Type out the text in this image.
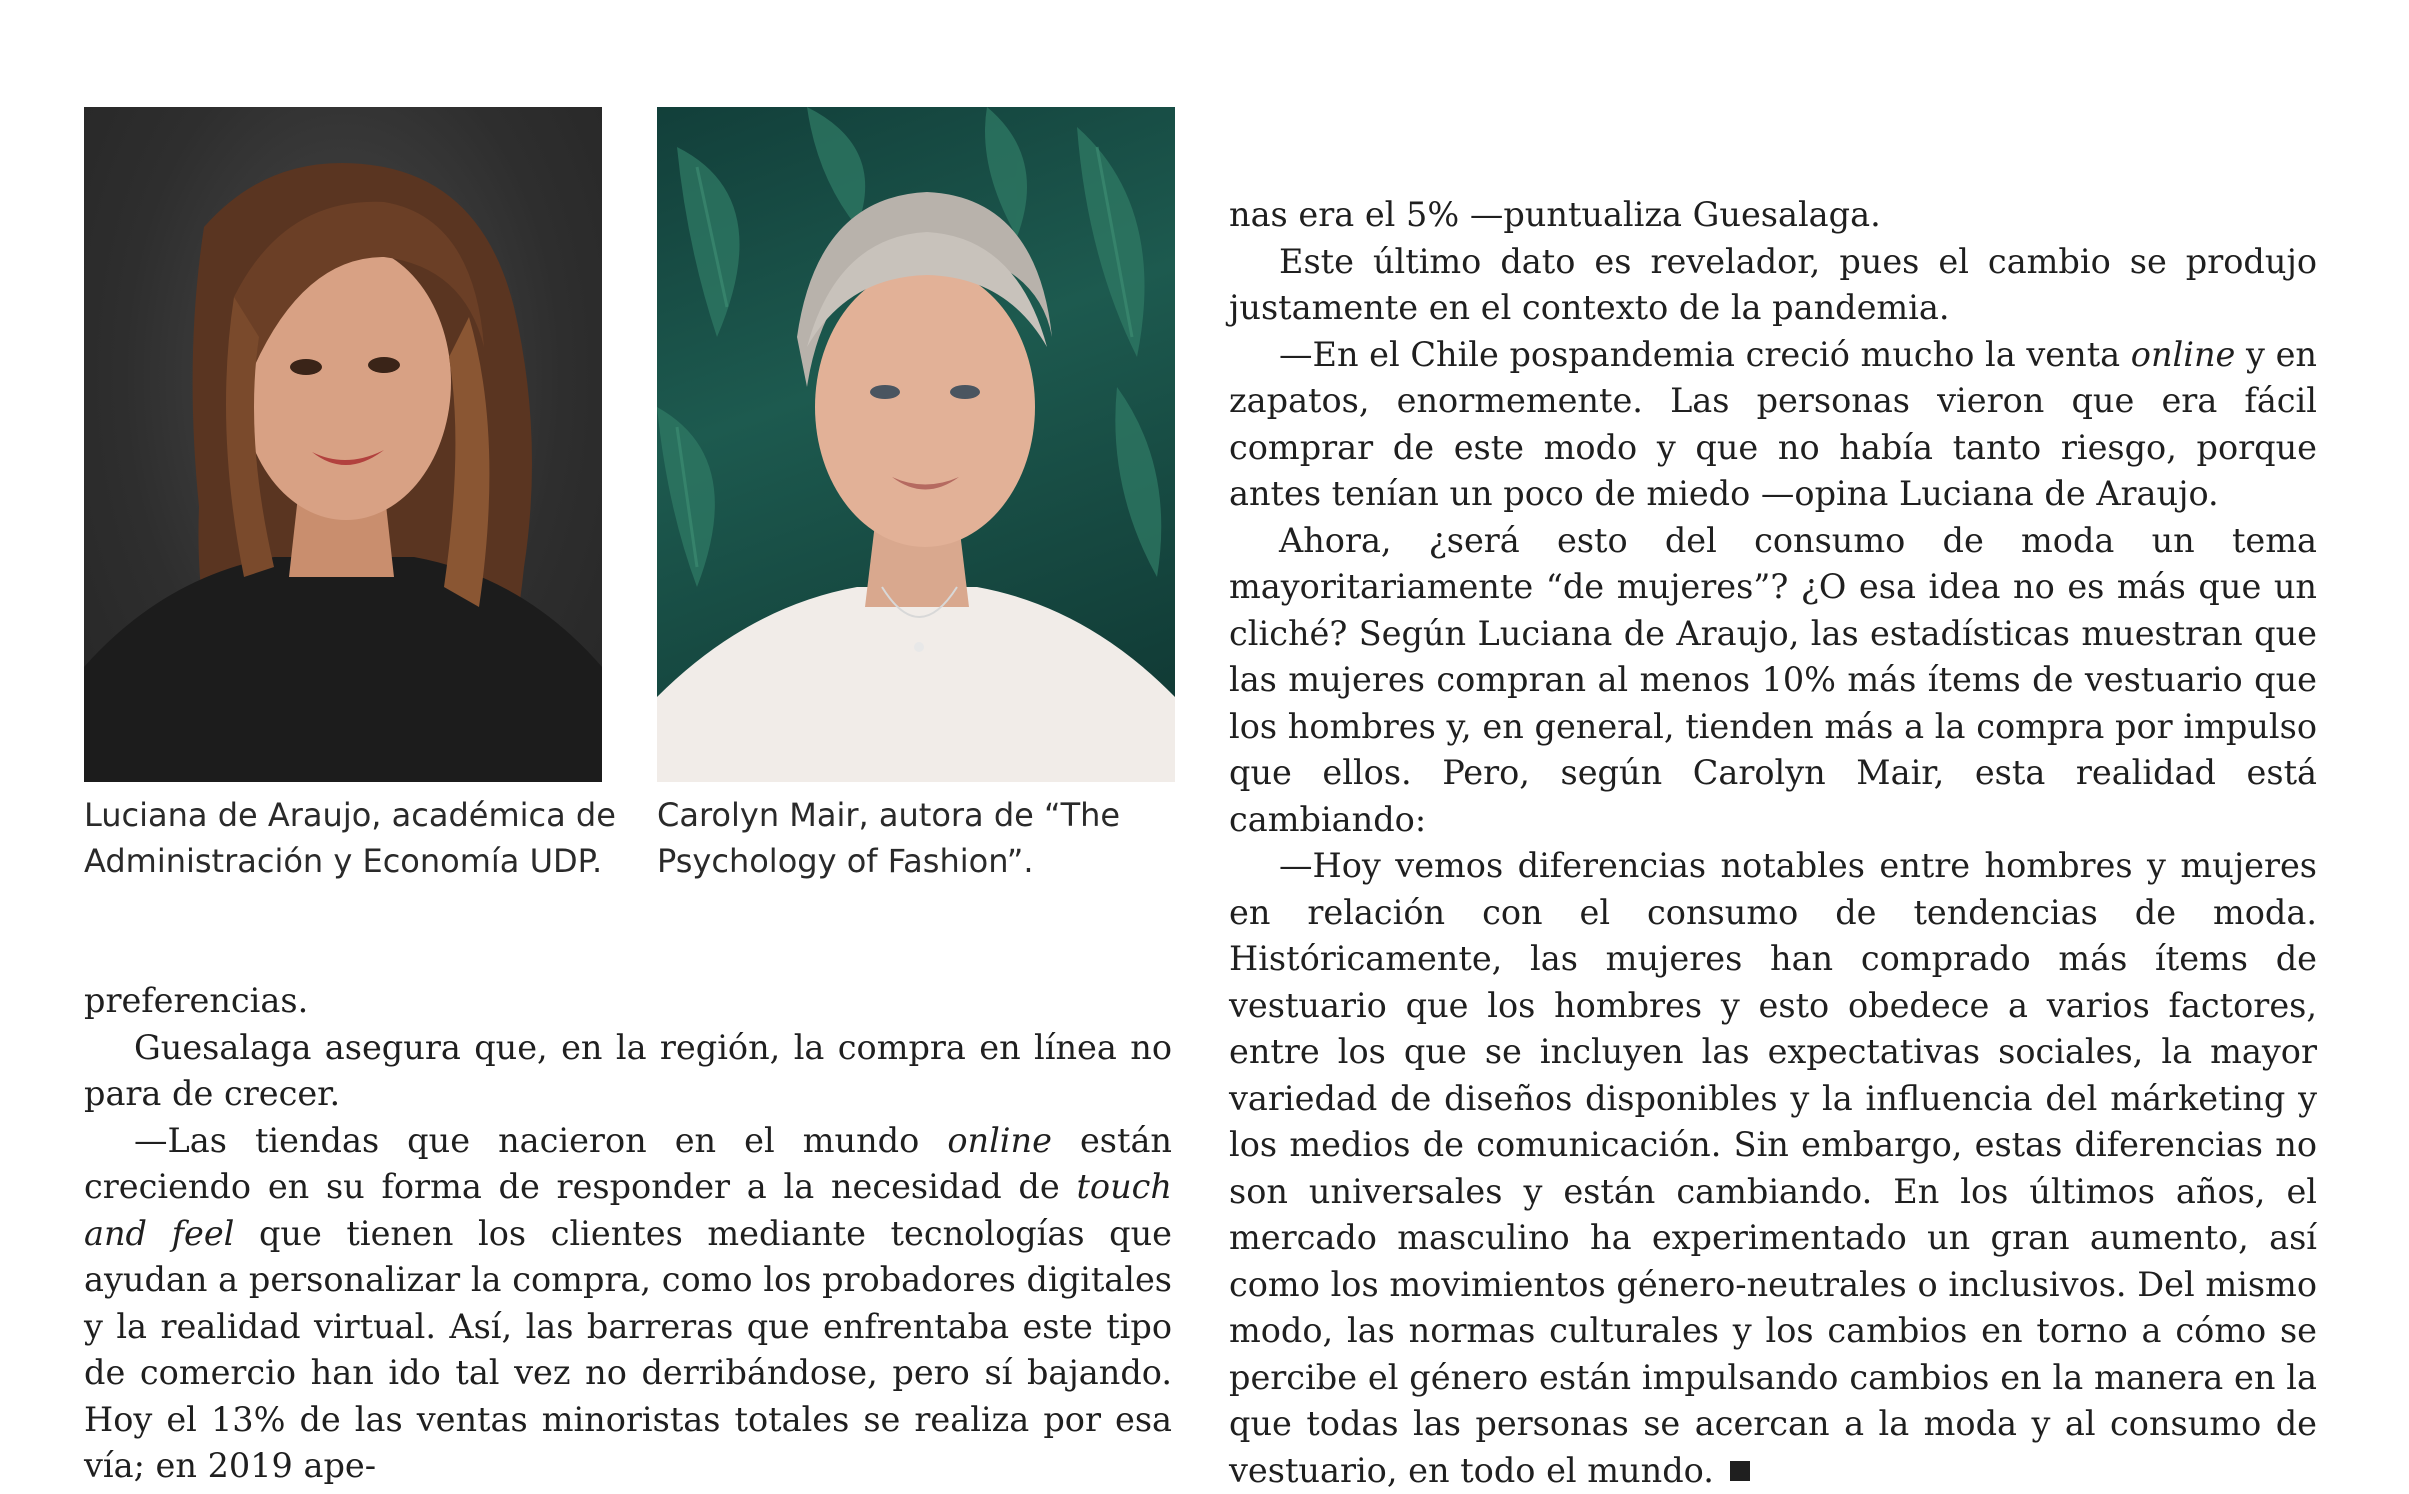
Luciana de Araujo, académica de Administración y Economía UDP.

Carolyn Mair, autora de “The Psychology of Fashion”.

preferencias.

Guesalaga asegura que, en la región, la compra en línea no para de crecer.

—Las tiendas que nacieron en el mundo online están creciendo en su forma de responder a la necesidad de touch and feel que tienen los clientes mediante tecnologías que ayudan a personalizar la compra, como los probadores digitales y la realidad virtual. Así, las barreras que enfrentaba este tipo de comercio han ido tal vez no derribándose, pero sí bajando. Hoy el 13% de las ventas minoristas totales se realiza por esa vía; en 2019 ape-

nas era el 5% —puntualiza Guesalaga.

Este último dato es revelador, pues el cambio se produjo justamente en el contexto de la pandemia.

—En el Chile pospandemia creció mucho la venta online y en zapatos, enormemente. Las personas vieron que era fácil comprar de este modo y que no había tanto riesgo, porque antes tenían un poco de miedo —opina Luciana de Araujo.

Ahora, ¿será esto del consumo de moda un tema mayoritariamente “de mujeres”? ¿O esa idea no es más que un cliché? Según Luciana de Araujo, las estadísticas muestran que las mujeres compran al menos 10% más ítems de vestuario que los hombres y, en general, tienden más a la compra por impulso que ellos. Pero, según Carolyn Mair, esta realidad está cambiando:

—Hoy vemos diferencias notables entre hombres y mujeres en relación con el consumo de tendencias de moda. Históricamente, las mujeres han comprado más ítems de vestuario que los hombres y esto obedece a varios factores, entre los que se incluyen las expectativas sociales, la mayor variedad de diseños disponibles y la influencia del márketing y los medios de comunicación. Sin embargo, estas diferencias no son universales y están cambiando. En los últimos años, el mercado masculino ha experimentado un gran aumento, así como los movimientos género-neutrales o inclusivos. Del mismo modo, las normas culturales y los cambios en torno a cómo se percibe el género están impulsando cambios en la manera en la que todas las personas se acercan a la moda y al consumo de vestuario, en todo el mundo.
